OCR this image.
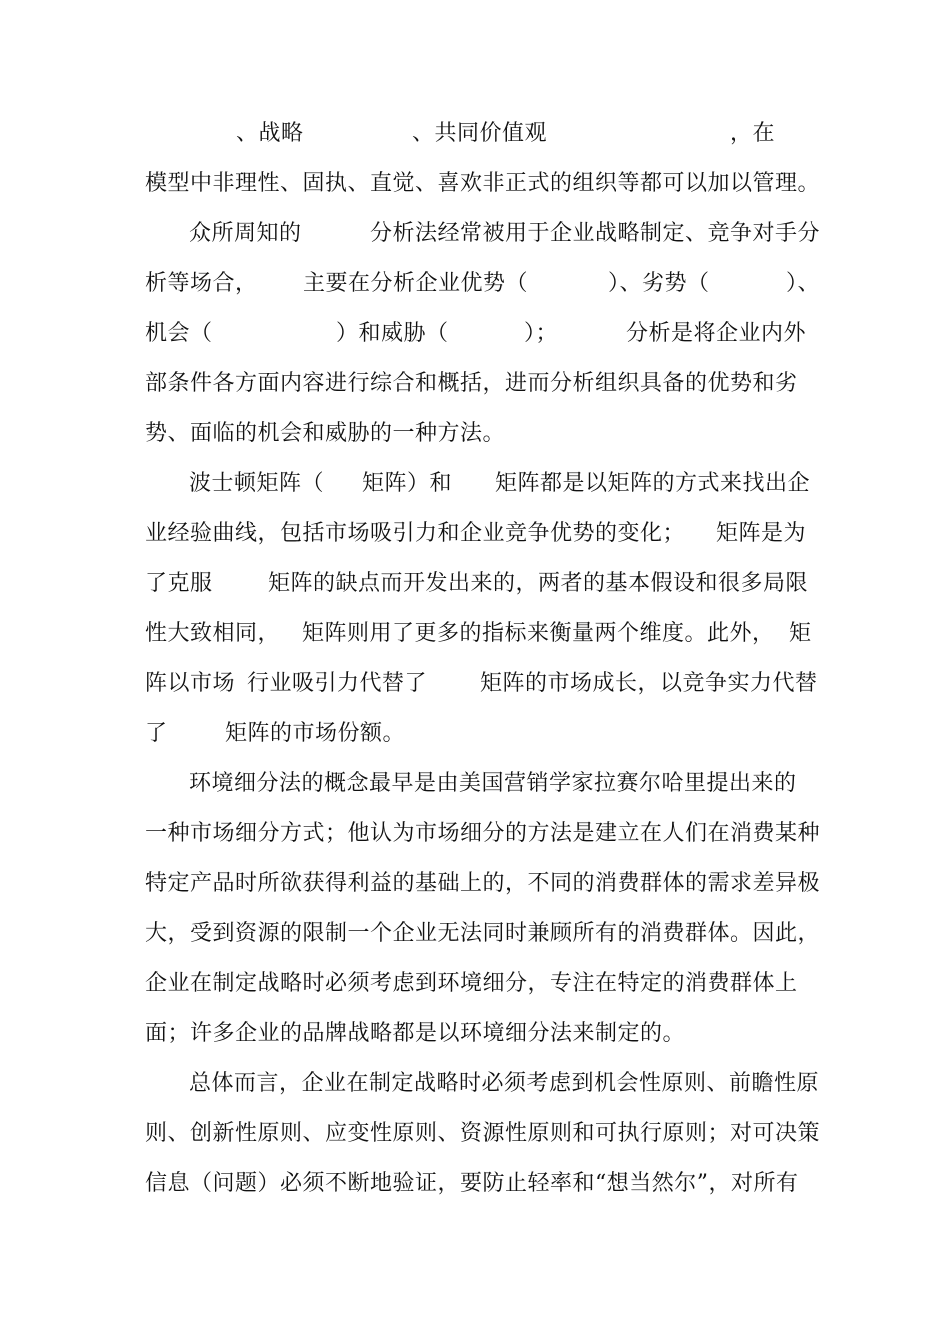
、战略	、共同价值观	，在
模型中非理性、固执、直觉、喜欢非正式的组织等都可以加以管理。
众所周知的	分析法经常被用于企业战略制定、竞争对手分
析等场合， 主要在分析企业优势（	）、劣势（	）、
机会（	）和威胁（	）；	分析是将企业内外
部条件各方面内容进行综合和概括，进而分析组织具备的优势和劣
势、面临的机会和威胁的一种方法。
波士顿矩阵（ 矩阵）和 矩阵都是以矩阵的方式来找出企
业经验曲线，包括市场吸引力和企业竞争优势的变化； 矩阵是为
了克服	矩阵的缺点而开发出来的，两者的基本假设和很多局限
性大致相同， 矩阵则用了更多的指标来衡量两个维度。此外， 矩
阵以市场 行业吸引力代替了 矩阵的市场成长，以竞争实力代替
了	矩阵的市场份额。
环境细分法的概念最早是由美国营销学家拉赛尔哈里提出来的
一种市场细分方式；他认为市场细分的方法是建立在人们在消费某种
特定产品时所欲获得利益的基础上的，不同的消费群体的需求差异极
大，受到资源的限制一个企业无法同时兼顾所有的消费群体。因此，
企业在制定战略时必须考虑到环境细分，专注在特定的消费群体上
面；许多企业的品牌战略都是以环境细分法来制定的。
总体而言，企业在制定战略时必须考虑到机会性原则、前瞻性原
则、创新性原则、应变性原则、资源性原则和可执行原则；对可决策
信息（问题）必须不断地验证，要防止轻率和“想当然尔”，对所有
